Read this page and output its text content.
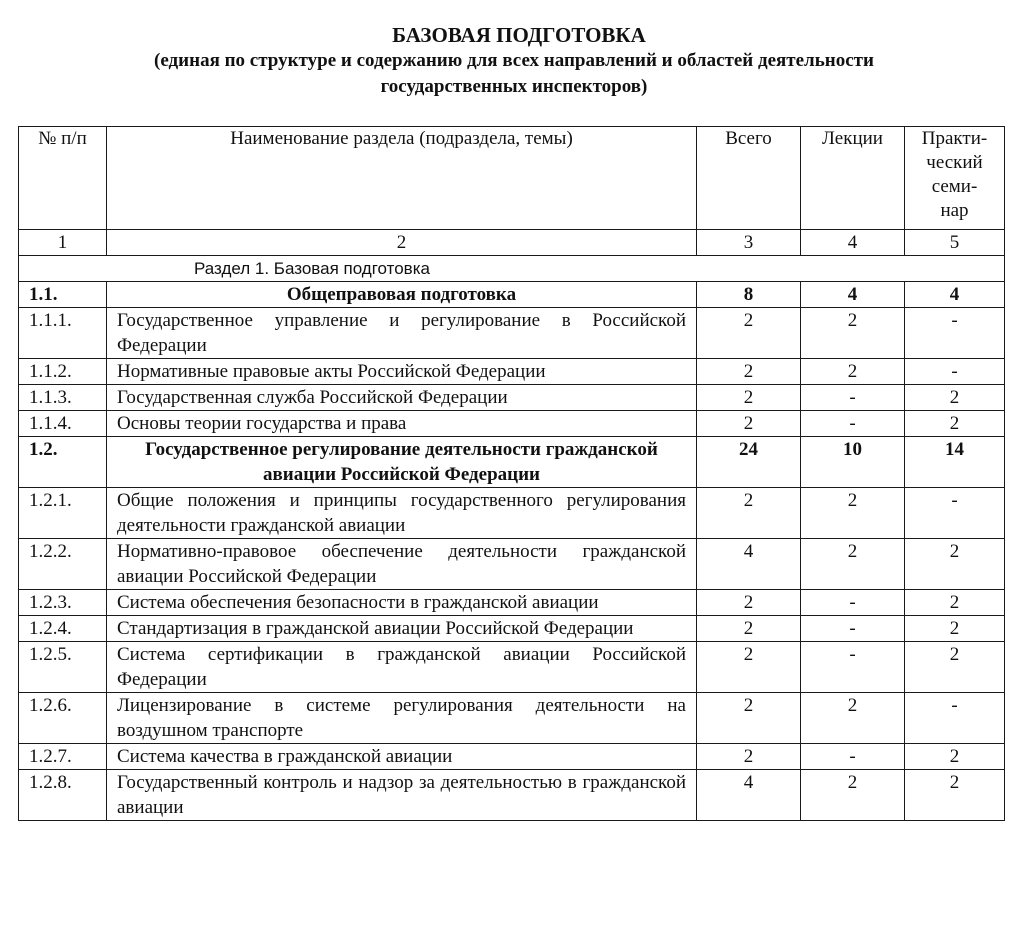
БАЗОВАЯ ПОДГОТОВКА
(единая по структуре и содержанию для всех направлений и областей деятельности
государственных инспекторов)
№ п/п	Наименование раздела (подраздела, темы)	Всего	Лекции	Практи-
ческий
семи-
нар

1	2	3	4	5
Раздел 1. Базовая подготовка				
1.1.	Общеправовая подготовка	8	4	4
1.1.1.	Государственное управление и регулирование в Российской Федерации	2	2	-
1.1.2.	Нормативные правовые акты Российской Федерации	2	2	-
1.1.3.	Государственная служба Российской Федерации	2	-	2
1.1.4.	Основы теории государства и права	2	-	2
1.2.	Государственное регулирование деятельности гражданской авиации Российской Федерации	24	10	14
1.2.1.	Общие положения и принципы государственного регулирования деятельности гражданской авиации	2	2	-
1.2.2.	Нормативно-правовое обеспечение деятельности гражданской авиации Российской Федерации	4	2	2
1.2.3.	Система обеспечения безопасности в гражданской авиации	2	-	2
1.2.4.	Стандартизация в гражданской авиации Российской Федерации	2	-	2
1.2.5.	Система сертификации в гражданской авиации Российской Федерации	2	-	2
1.2.6.	Лицензирование в системе регулирования деятельности на воздушном транспорте	2	2	-
1.2.7.	Система качества в гражданской авиации	2	-	2
1.2.8.	Государственный контроль и надзор за деятельностью в гражданской авиации	4	2	2
